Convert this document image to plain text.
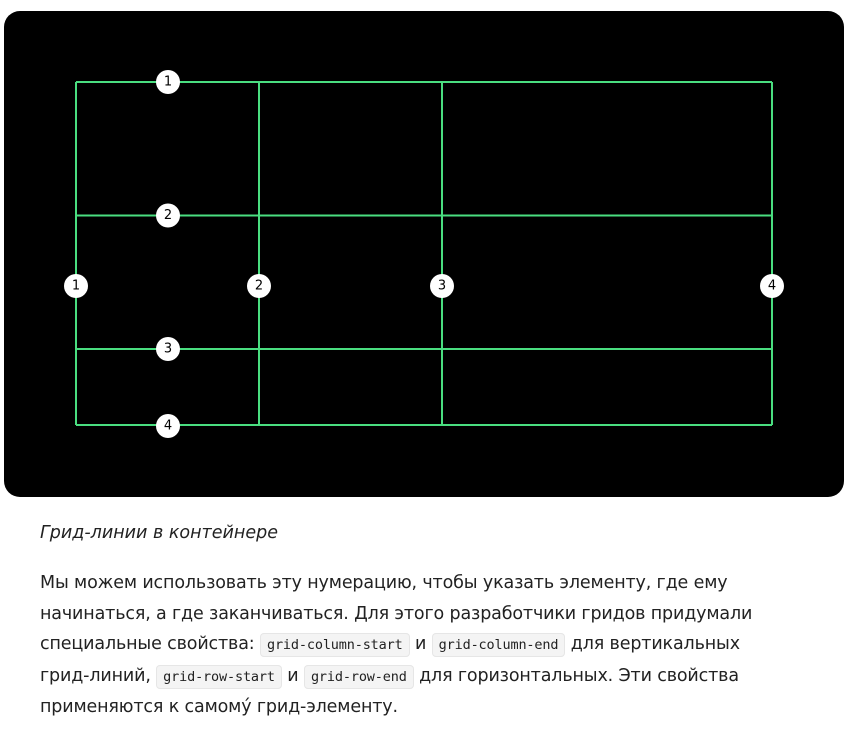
1	2	3	4
1
2
3
4

Грид-линии в контейнере

Мы можем использовать эту нумерацию, чтобы указать элементу, где ему
начинаться, а где заканчиваться. Для этого разработчики гридов придумали
специальные свойства: grid-column-start и grid-column-end для вертикальных
грид-линий, grid-row-start и grid-row-end для горизонтальных. Эти свойства
применяются к самомý грид-элементу.
